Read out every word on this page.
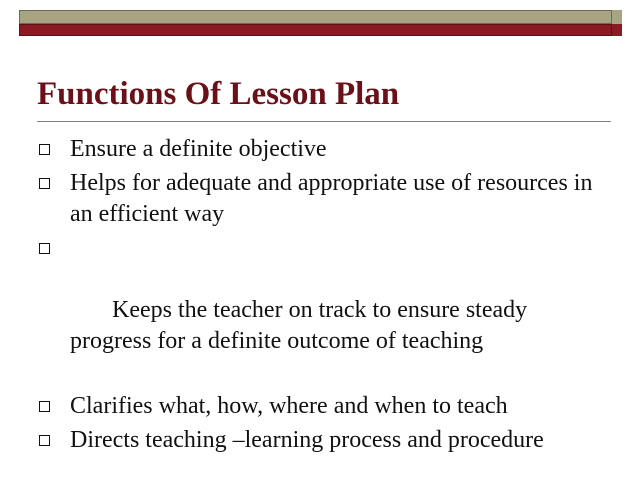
Functions Of Lesson Plan
Ensure a definite objective
Helps for adequate and appropriate use of resources in an efficient way

Keeps the teacher on track to ensure steady progress for a definite outcome of teaching

Clarifies what, how, where and when to teach
Directs teaching –learning process and procedure
